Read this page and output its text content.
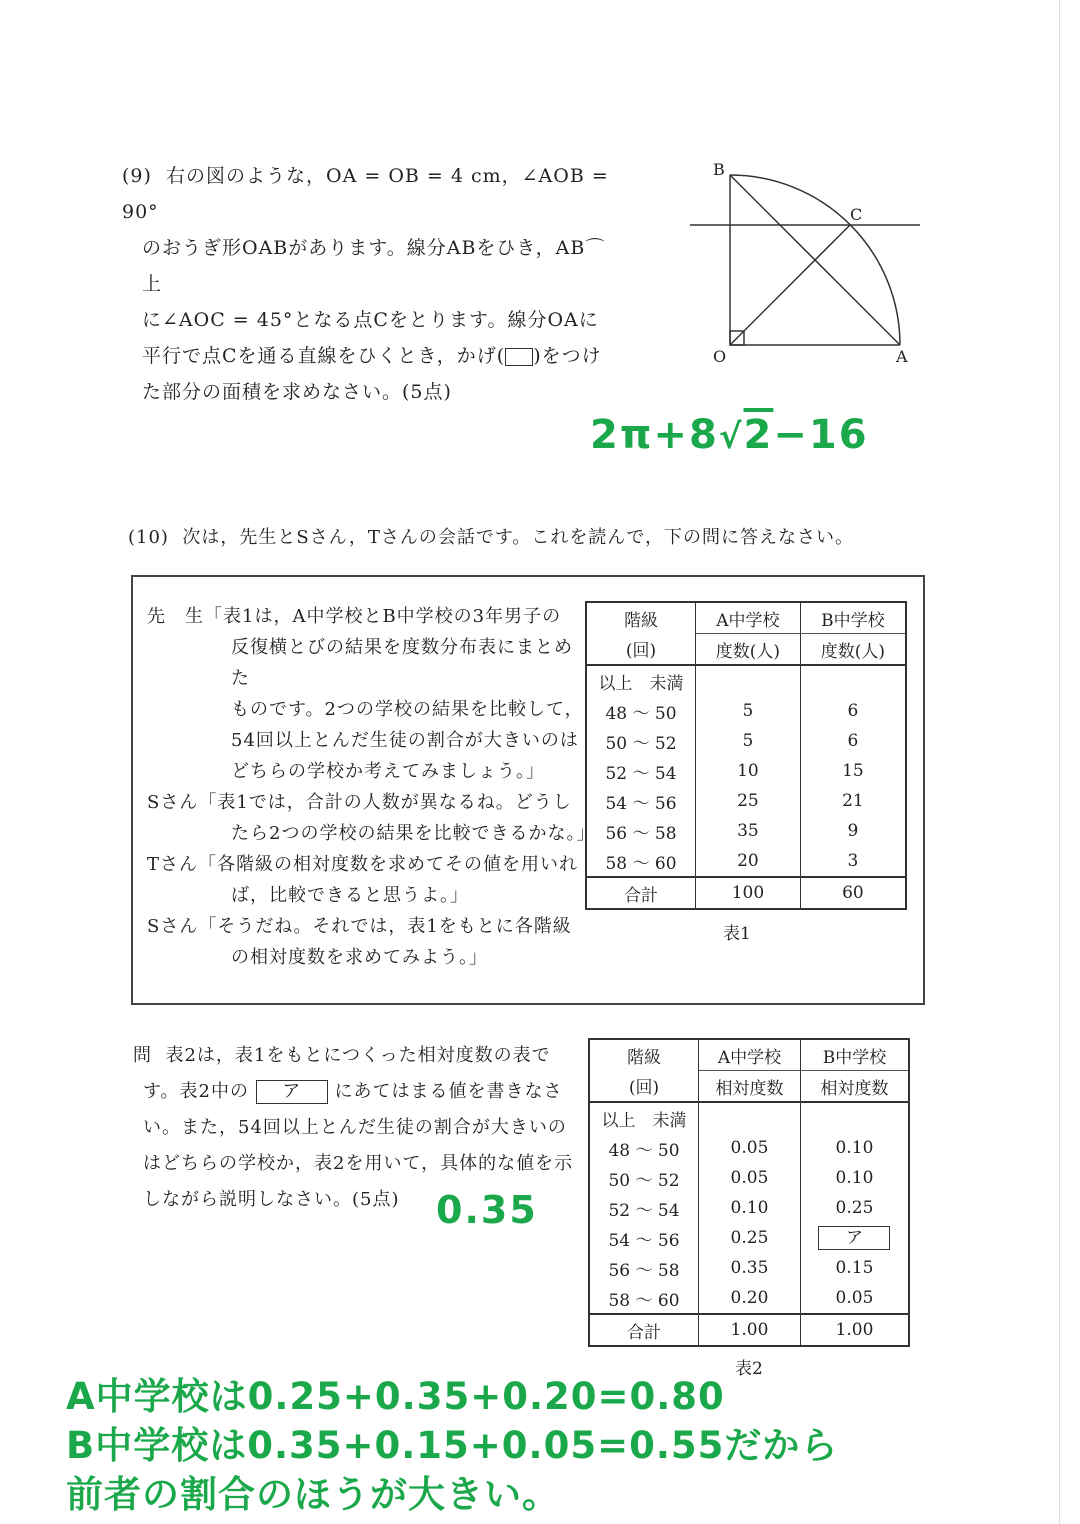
(9) 右の図のような，OA = OB = 4 cm，∠AOB = 90°
のおうぎ形OABがあります。線分ABをひき，AB⌒上
に∠AOC = 45°となる点Cをとります。線分OAに
平行で点Cを通る直線をひくとき，かげ( )をつけ
た部分の面積を求めなさい。(5点)
B
C
O	A
2π+8√2−16
(10) 次は，先生とSさん，Tさんの会話です。これを読んで，下の問に答えなさい。
先　生「表1は，A中学校とB中学校の3年男子の
反復横とびの結果を度数分布表にまとめた
ものです。2つの学校の結果を比較して，
54回以上とんだ生徒の割合が大きいのは
どちらの学校か考えてみましょう。」
Sさん「表1では，合計の人数が異なるね。どうし
たら2つの学校の結果を比較できるかな。」
Tさん「各階級の相対度数を求めてその値を用いれ
ば，比較できると思うよ。」
Sさん「そうだね。それでは，表1をもとに各階級
の相対度数を求めてみよう。」
階級	A中学校	B中学校
(回)	度数(人)	度数(人)
以上　未満		
48 〜 50	5	6
50 〜 52	5	6
52 〜 54	10	15
54 〜 56	25	21
56 〜 58	35	9
58 〜 60	20	3
合計	100	60
表1
問 表2は，表1をもとにつくった相対度数の表で
す。表2中の ア にあてはまる値を書きなさ
い。また，54回以上とんだ生徒の割合が大きいの
はどちらの学校か，表2を用いて，具体的な値を示
しながら説明しなさい。(5点) 0.35
階級	A中学校	B中学校
(回)	相対度数	相対度数
以上　未満		
48 〜 50	0.05	0.10
50 〜 52	0.05	0.10
52 〜 54	0.10	0.25
54 〜 56	0.25	ア
56 〜 58	0.35	0.15
58 〜 60	0.20	0.05
合計	1.00	1.00
表2
A中学校は0.25+0.35+0.20=0.80
B中学校は0.35+0.15+0.05=0.55だから
前者の割合のほうが大きい。
